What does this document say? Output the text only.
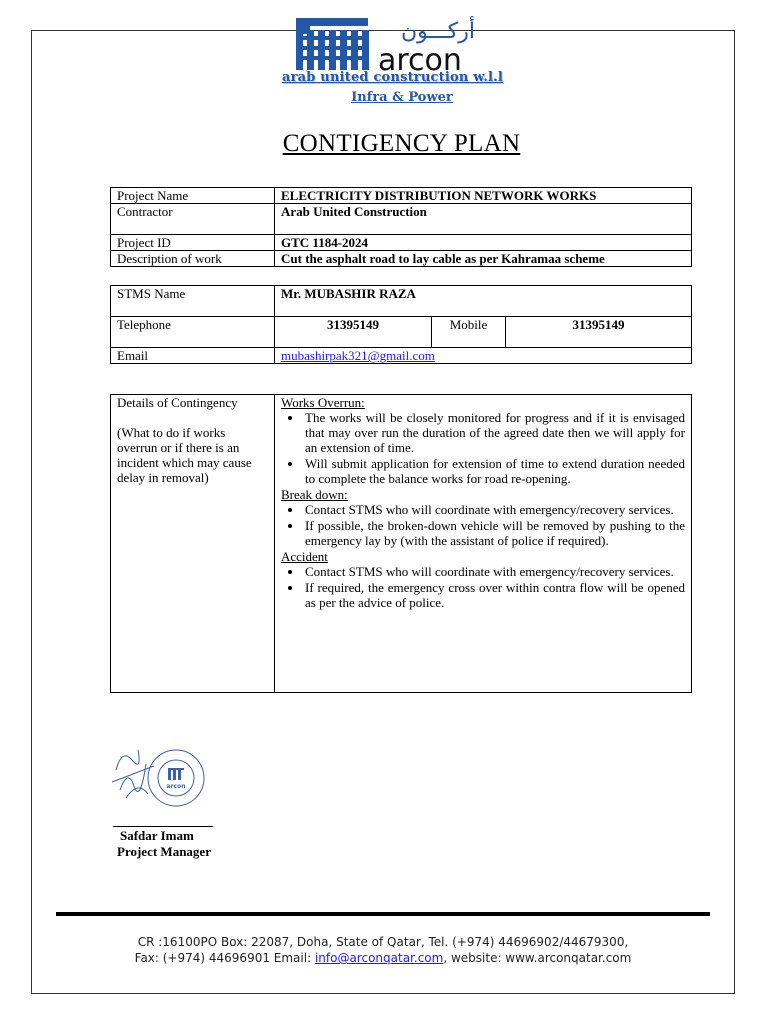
أركـــون
arcon
arab united construction w.l.l
Infra & Power
CONTIGENCY PLAN
Project Name	ELECTRICITY DISTRIBUTION NETWORK WORKS
Contractor	Arab United Construction
Project ID	GTC 1184-2024
Description of work	Cut the asphalt road to lay cable as per Kahramaa scheme
STMS Name	Mr. MUBASHIR RAZA		
Telephone	31395149	Mobile	31395149
Email	mubashirpak321@gmail.com		
Details of Contingency
(What to do if works overrun or if there is an incident which may cause delay in removal)

Works Overrun:
• The works will be closely monitored for progress and if it is envisaged that may over run the duration of the agreed date then we will apply for an extension of time.
• Will submit application for extension of time to extend duration needed to complete the balance works for road re-opening.
Break down:
• Contact STMS who will coordinate with emergency/recovery services.
• If possible, the broken-down vehicle will be removed by pushing to the emergency lay by (with the assistant of police if required).
Accident
• Contact STMS who will coordinate with emergency/recovery services.
• If required, the emergency cross over within contra flow will be opened as per the advice of police.
arcon
Safdar Imam
Project Manager
CR :16100PO Box: 22087, Doha, State of Qatar, Tel. (+974) 44696902/44679300,
Fax: (+974) 44696901 Email: info@arconqatar.com, website: www.arconqatar.com
